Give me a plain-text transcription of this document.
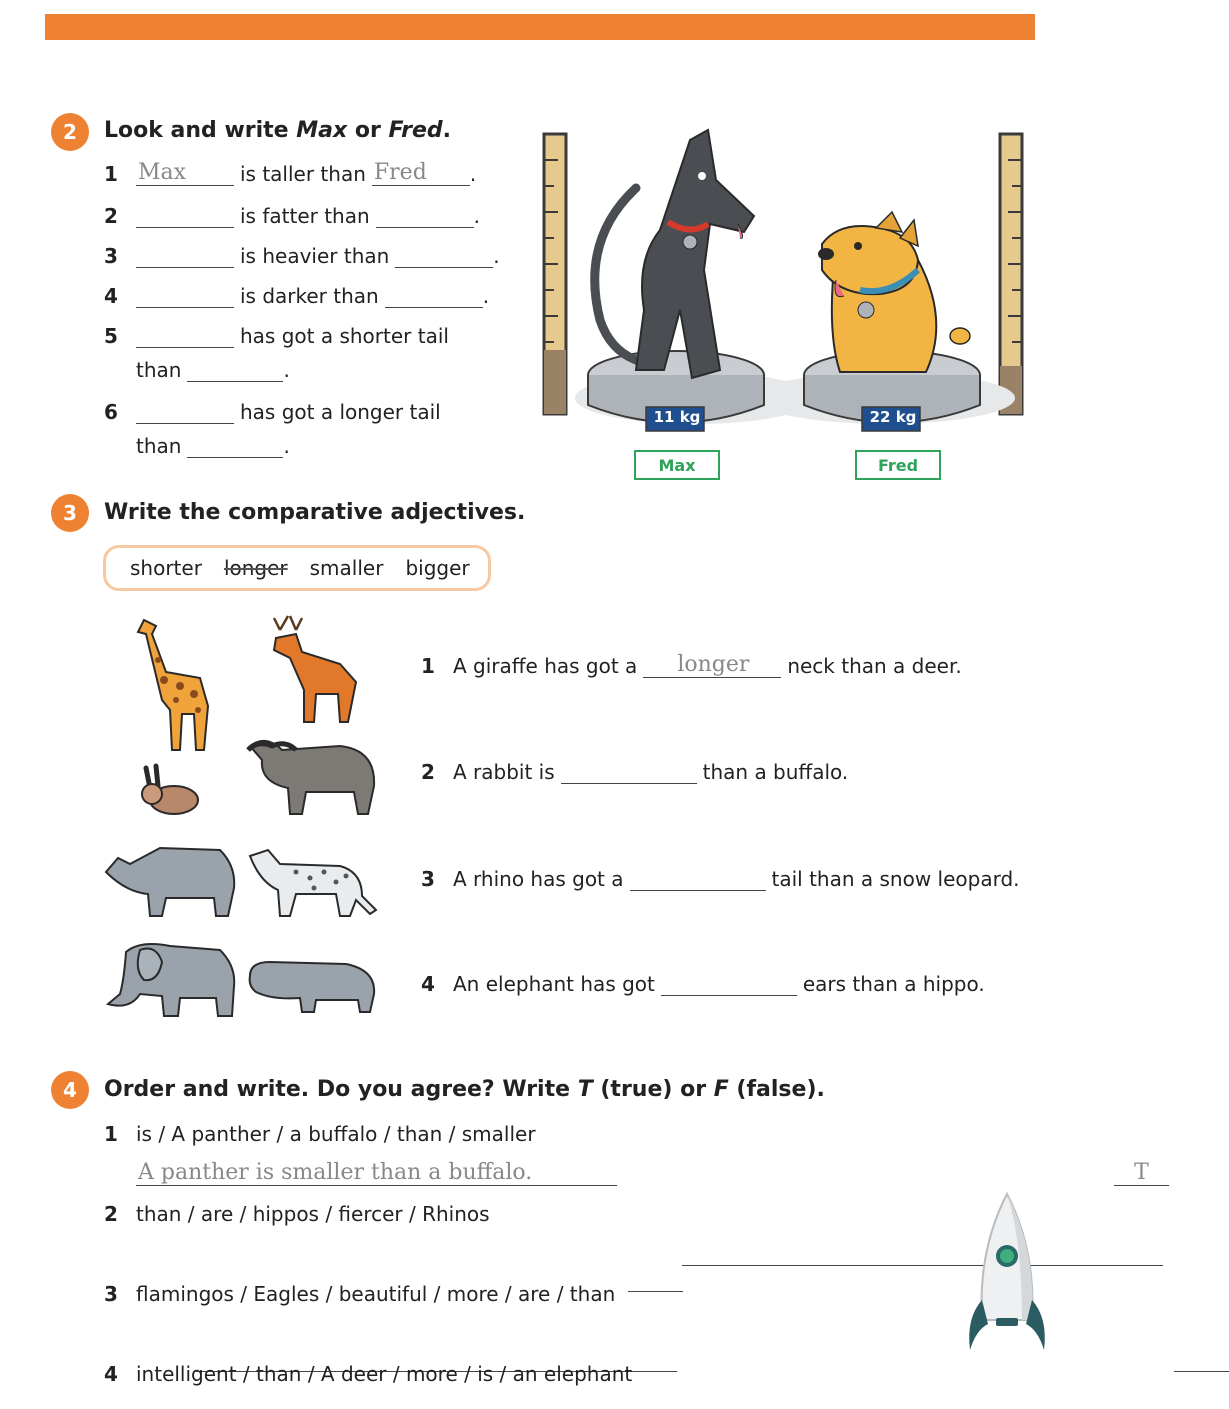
2	Look and write Max or Fred.
1 Max	is taller than Fred .
2	is fatter than	.
3	is heavier than	.
4	is darker than	.
5	has got a shorter tail
than	.
6	has got a longer tail
than	.
11 kg	22 kg
Max	Fred
3	Write the comparative adjectives.
shorter longer smaller bigger
1 A giraffe has got a longer neck than a deer.
2 A rabbit is	than a buffalo.
3 A rhino has got a	tail than a snow leopard.
4 An elephant has got	ears than a hippo.
4	Order and write. Do you agree? Write T (true) or F (false).
1 is / A panther / a buffalo / than / smaller
A panther is smaller than a buffalo.
	T

2 than / are / hippos / fiercer / Rhinos

3 flamingos / Eagles / beautiful / more / are / than

4 intelligent / than / A deer / more / is / an elephant
